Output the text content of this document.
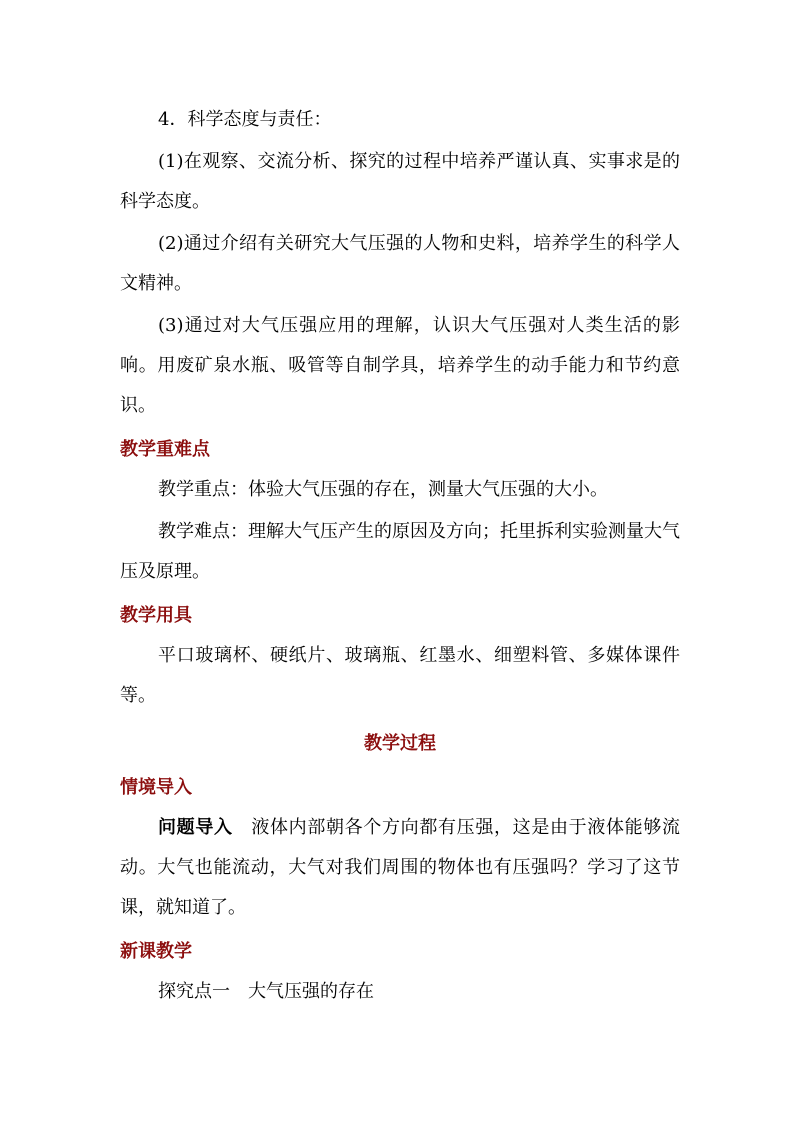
4．科学态度与责任：

(1)在观察、交流分析、探究的过程中培养严谨认真、实事求是的科学态度。

(2)通过介绍有关研究大气压强的人物和史料，培养学生的科学人文精神。

(3)通过对大气压强应用的理解，认识大气压强对人类生活的影响。用废矿泉水瓶、吸管等自制学具，培养学生的动手能力和节约意识。

教学重难点

教学重点：体验大气压强的存在，测量大气压强的大小。

教学难点：理解大气压产生的原因及方向；托里拆利实验测量大气压及原理。

教学用具

平口玻璃杯、硬纸片、玻璃瓶、红墨水、细塑料管、多媒体课件等。

教学过程
情境导入

问题导入 液体内部朝各个方向都有压强，这是由于液体能够流动。大气也能流动，大气对我们周围的物体也有压强吗？学习了这节课，就知道了。

新课教学

探究点一 大气压强的存在
